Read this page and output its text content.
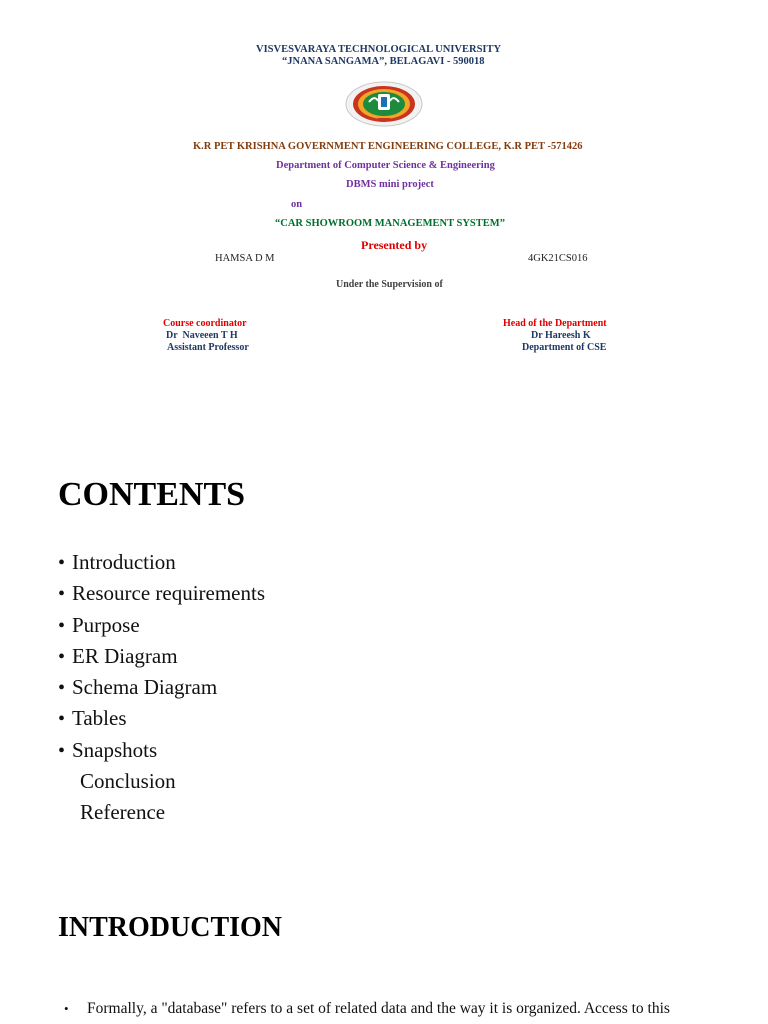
VISVESVARAYA TECHNOLOGICAL UNIVERSITY
“JNANA SANGAMA”, BELAGAVI - 590018
K.R PET KRISHNA GOVERNMENT ENGINEERING COLLEGE, K.R PET -571426
Department of Computer Science & Engineering
DBMS mini project
on
“CAR SHOWROOM MANAGEMENT SYSTEM”
Presented by
HAMSA D M	4GK21CS016
Under the Supervision of
Course coordinator
Dr  Naveeen T H
Assistant Professor
Head of the Department
Dr Hareesh K
Department of CSE
CONTENTS
• Introduction
• Resource requirements
• Purpose
• ER Diagram
• Schema Diagram
• Tables
• Snapshots
Conclusion
Reference
INTRODUCTION
• Formally, a "database" refers to a set of related data and the way it is organized. Access to this
